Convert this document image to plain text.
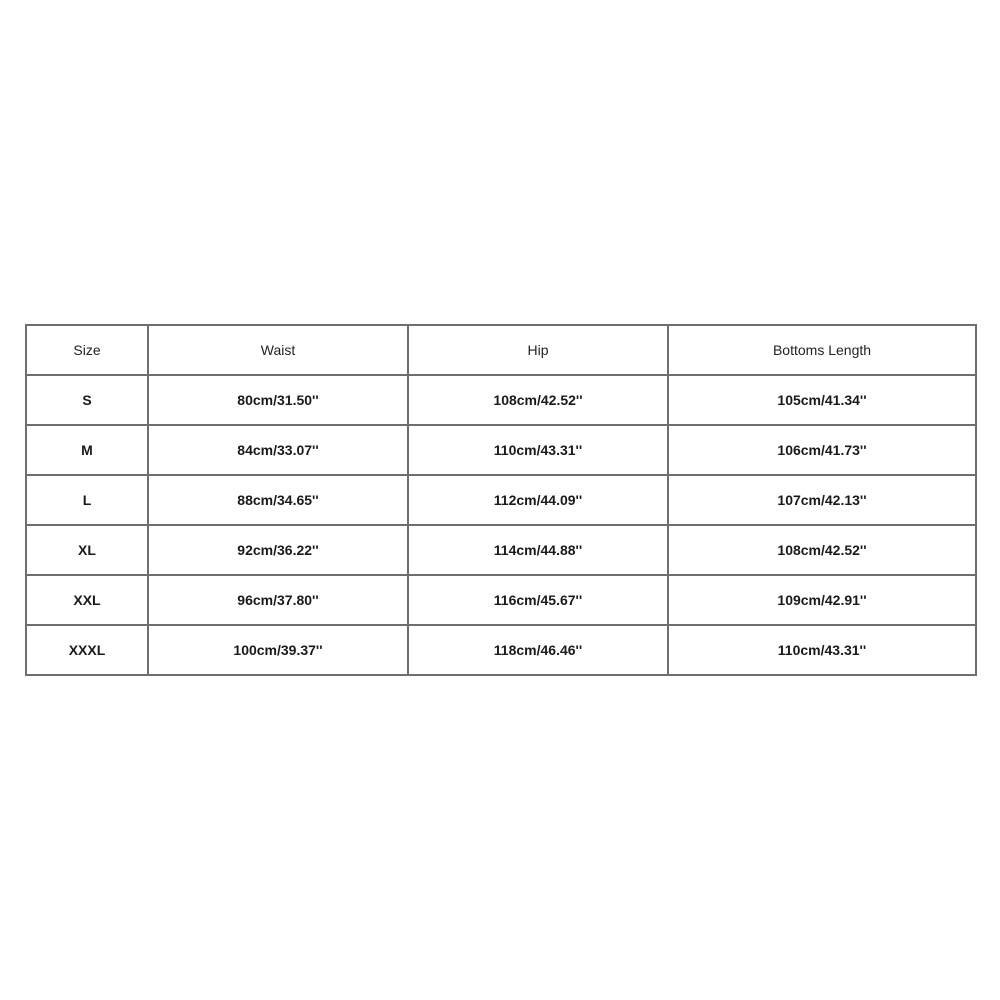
Size	Waist	Hip	Bottoms Length
S	80cm/31.50''	108cm/42.52''	105cm/41.34''
M	84cm/33.07''	110cm/43.31''	106cm/41.73''
L	88cm/34.65''	112cm/44.09''	107cm/42.13''
XL	92cm/36.22''	114cm/44.88''	108cm/42.52''
XXL	96cm/37.80''	116cm/45.67''	109cm/42.91''
XXXL	100cm/39.37''	118cm/46.46''	110cm/43.31''
